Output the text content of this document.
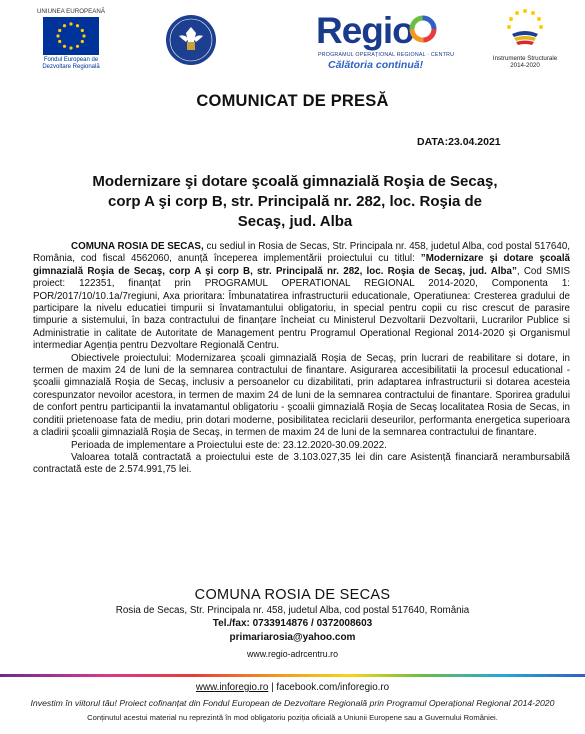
UNIUNEA EUROPEANĂ
Fondul European de Dezvoltare Regională
Regio
PROGRAMUL OPERAȚIONAL REGIONAL · CENTRU
Călătoria continuă!
Instrumente Structurale 2014-2020
COMUNICAT DE PRESĂ
DATA:23.04.2021
Modernizare şi dotare şcoală gimnazială Roşia de Secaş, corp A şi corp B, str. Principală nr. 282, loc. Roşia de Secaş, jud. Alba

COMUNA ROSIA DE SECAS, cu sediul in Rosia de Secas, Str. Principala nr. 458, judetul Alba, cod postal 517640, România, cod fiscal 4562060, anunță începerea implementării proiectului cu titlul: ”Modernizare şi dotare şcoală gimnazială Roşia de Secaş, corp A şi corp B, str. Principală nr. 282, loc. Roşia de Secaş, jud. Alba”, Cod SMIS proiect: 122351, finanțat prin PROGRAMUL OPERATIONAL REGIONAL 2014-2020, Componenta 1: POR/2017/10/10.1a/7regiuni, Axa prioritara: Îmbunatatirea infrastructurii educationale, Operatiunea: Cresterea gradului de participare la nivelu educatiei timpurii si învatamantului obligatoriu, in special pentru copii cu risc crescut de parasire timpurie a sistemului, în baza contractului de finanțare încheiat cu Ministerul Dezvoltarii Dezvoltarii, Lucrarilor Publice si Administratie in calitate de Autoritate de Management pentru Programul Operational Regional 2014-2020 și Organismul intermediar Agenția pentru Dezvoltare Regională Centru.

Obiectivele proiectului: Modernizarea şcoali gimnazială Roşia de Secaş, prin lucrari de reabilitare si dotare, in termen de maxim 24 de luni de la semnarea contractului de finantare. Asigurarea accesibilitatii la procesul educational - şcoalii gimnazială Roşia de Secaş, inclusiv a persoanelor cu dizabilitati, prin adaptarea infrastructurii si dotarea acesteia corespunzator nevoilor acestora, in termen de maxim 24 de luni de la semnarea contractului de finantare. Sporirea gradului de confort pentru participantii la invatamantul obligatoriu - şcoalii gimnazială Roşia de Secaş localitatea Rosia de Secas, in conditii prietenoase fata de mediu, prin dotari moderne, posibilitatea reciclarii deseurilor, performanta energetica superioara a cladirii şcoalii gimnazială Roşia de Secaş, in termen de maxim 24 de luni de la semnarea contractului de finantare.

Perioada de implementare a Proiectului este de: 23.12.2020-30.09.2022.

Valoarea totală contractată a proiectului este de 3.103.027,35 lei din care Asistență financiară nerambursabilă contractată este de 2.574.991,75 lei.

COMUNA ROSIA DE SECAS
Rosia de Secas, Str. Principala nr. 458, judetul Alba, cod postal 517640, România
Tel./fax: 0733914876 / 0372008603
primariarosia@yahoo.com
www.regio-adrcentru.ro
www.inforegio.ro | facebook.com/inforegio.ro
Investim în viitorul tău! Proiect cofinanțat din Fondul European de Dezvoltare Regională prin Programul Operațional Regional 2014-2020
Conținutul acestui material nu reprezintă în mod obligatoriu poziția oficială a Uniunii Europene sau a Guvernului României.
